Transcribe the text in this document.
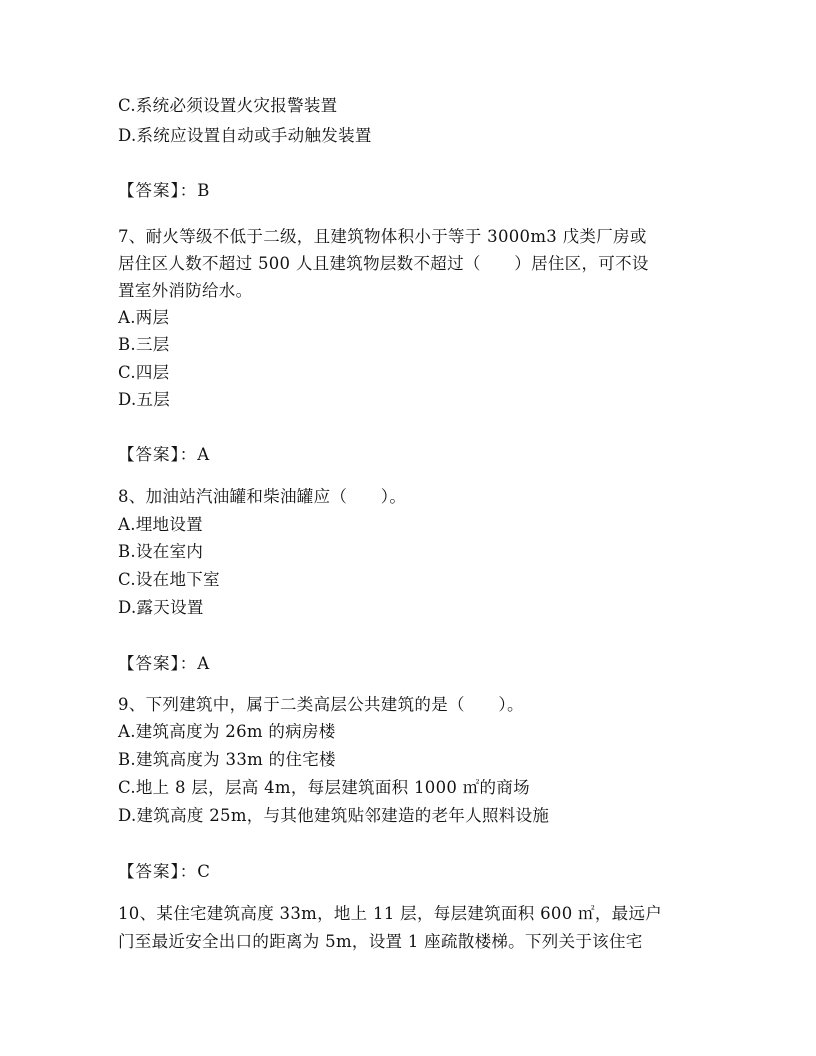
C.系统必须设置火灾报警装置
D.系统应设置自动或手动触发装置
【答案】：B
7、耐火等级不低于二级，且建筑物体积小于等于 3000m3 戊类厂房或
居住区人数不超过 500 人且建筑物层数不超过（　　）居住区，可不设
置室外消防给水。
A.两层
B.三层
C.四层
D.五层
【答案】：A
8、加油站汽油罐和柴油罐应（　　）。
A.埋地设置
B.设在室内
C.设在地下室
D.露天设置
【答案】：A
9、下列建筑中，属于二类高层公共建筑的是（　　）。
A.建筑高度为 26m 的病房楼
B.建筑高度为 33m 的住宅楼
C.地上 8 层，层高 4m，每层建筑面积 1000 ㎡的商场
D.建筑高度 25m，与其他建筑贴邻建造的老年人照料设施
【答案】：C
10、某住宅建筑高度 33m，地上 11 层，每层建筑面积 600 ㎡，最远户
门至最近安全出口的距离为 5m，设置 1 座疏散楼梯。下列关于该住宅
